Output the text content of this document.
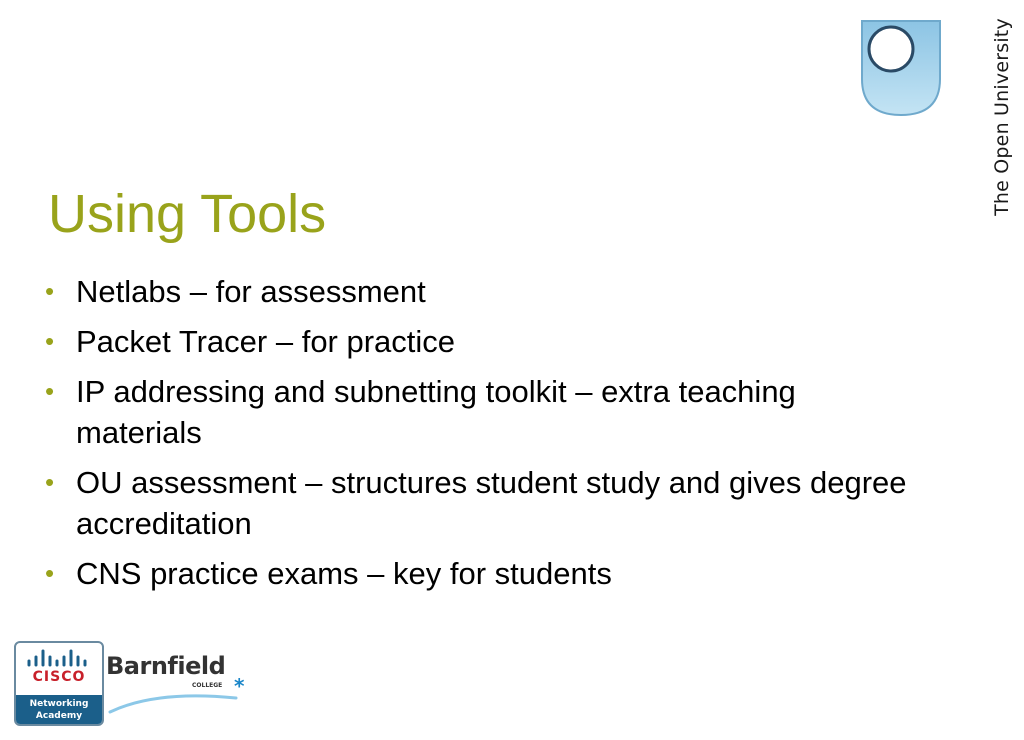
Using Tools
• Netlabs – for assessment
• Packet Tracer – for practice
• IP addressing and subnetting toolkit – extra teaching materials
• OU assessment – structures student study and gives degree accreditation
• CNS practice exams – key for students
The Open University
CISCO
Networking
Academy
Barnfield
COLLEGE *
